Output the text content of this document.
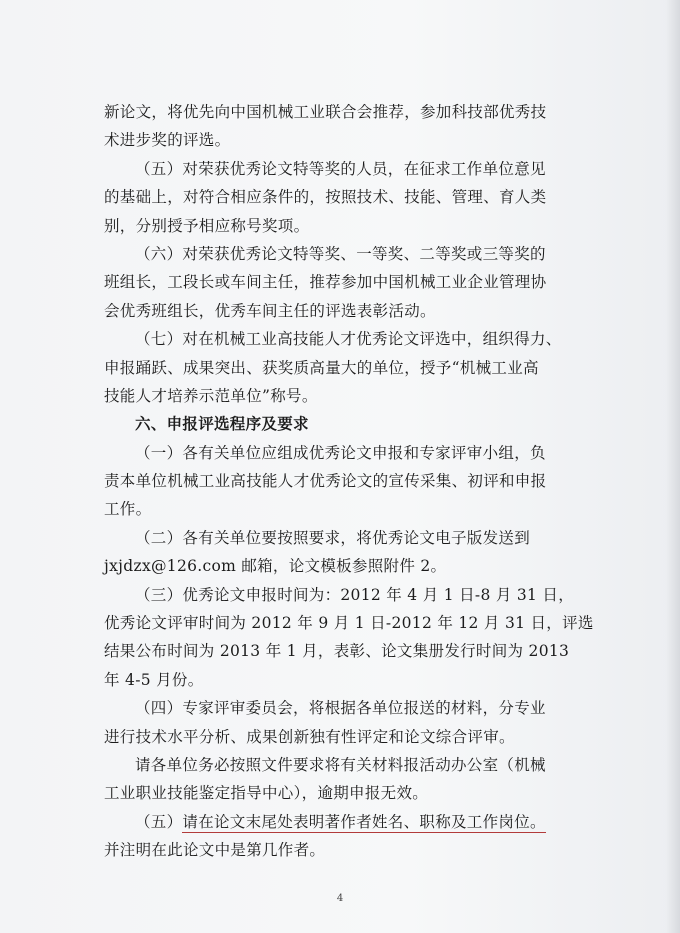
新论文，将优先向中国机械工业联合会推荐，参加科技部优秀技
术进步奖的评选。
（五）对荣获优秀论文特等奖的人员，在征求工作单位意见
的基础上，对符合相应条件的，按照技术、技能、管理、育人类
别，分别授予相应称号奖项。
（六）对荣获优秀论文特等奖、一等奖、二等奖或三等奖的
班组长，工段长或车间主任，推荐参加中国机械工业企业管理协
会优秀班组长，优秀车间主任的评选表彰活动。
（七）对在机械工业高技能人才优秀论文评选中，组织得力、
申报踊跃、成果突出、获奖质高量大的单位，授予“机械工业高
技能人才培养示范单位”称号。
六、申报评选程序及要求
（一）各有关单位应组成优秀论文申报和专家评审小组，负
责本单位机械工业高技能人才优秀论文的宣传采集、初评和申报
工作。
（二）各有关单位要按照要求，将优秀论文电子版发送到
jxjdzx@126.com 邮箱，论文模板参照附件 2。
（三）优秀论文申报时间为：2012 年 4 月 1 日-8 月 31 日，
优秀论文评审时间为 2012 年 9 月 1 日-2012 年 12 月 31 日，评选
结果公布时间为 2013 年 1 月，表彰、论文集册发行时间为 2013
年 4-5 月份。
（四）专家评审委员会，将根据各单位报送的材料，分专业
进行技术水平分析、成果创新独有性评定和论文综合评审。
请各单位务必按照文件要求将有关材料报活动办公室（机械
工业职业技能鉴定指导中心），逾期申报无效。
（五）请在论文末尾处表明著作者姓名、职称及工作岗位。
并注明在此论文中是第几作者。
4
